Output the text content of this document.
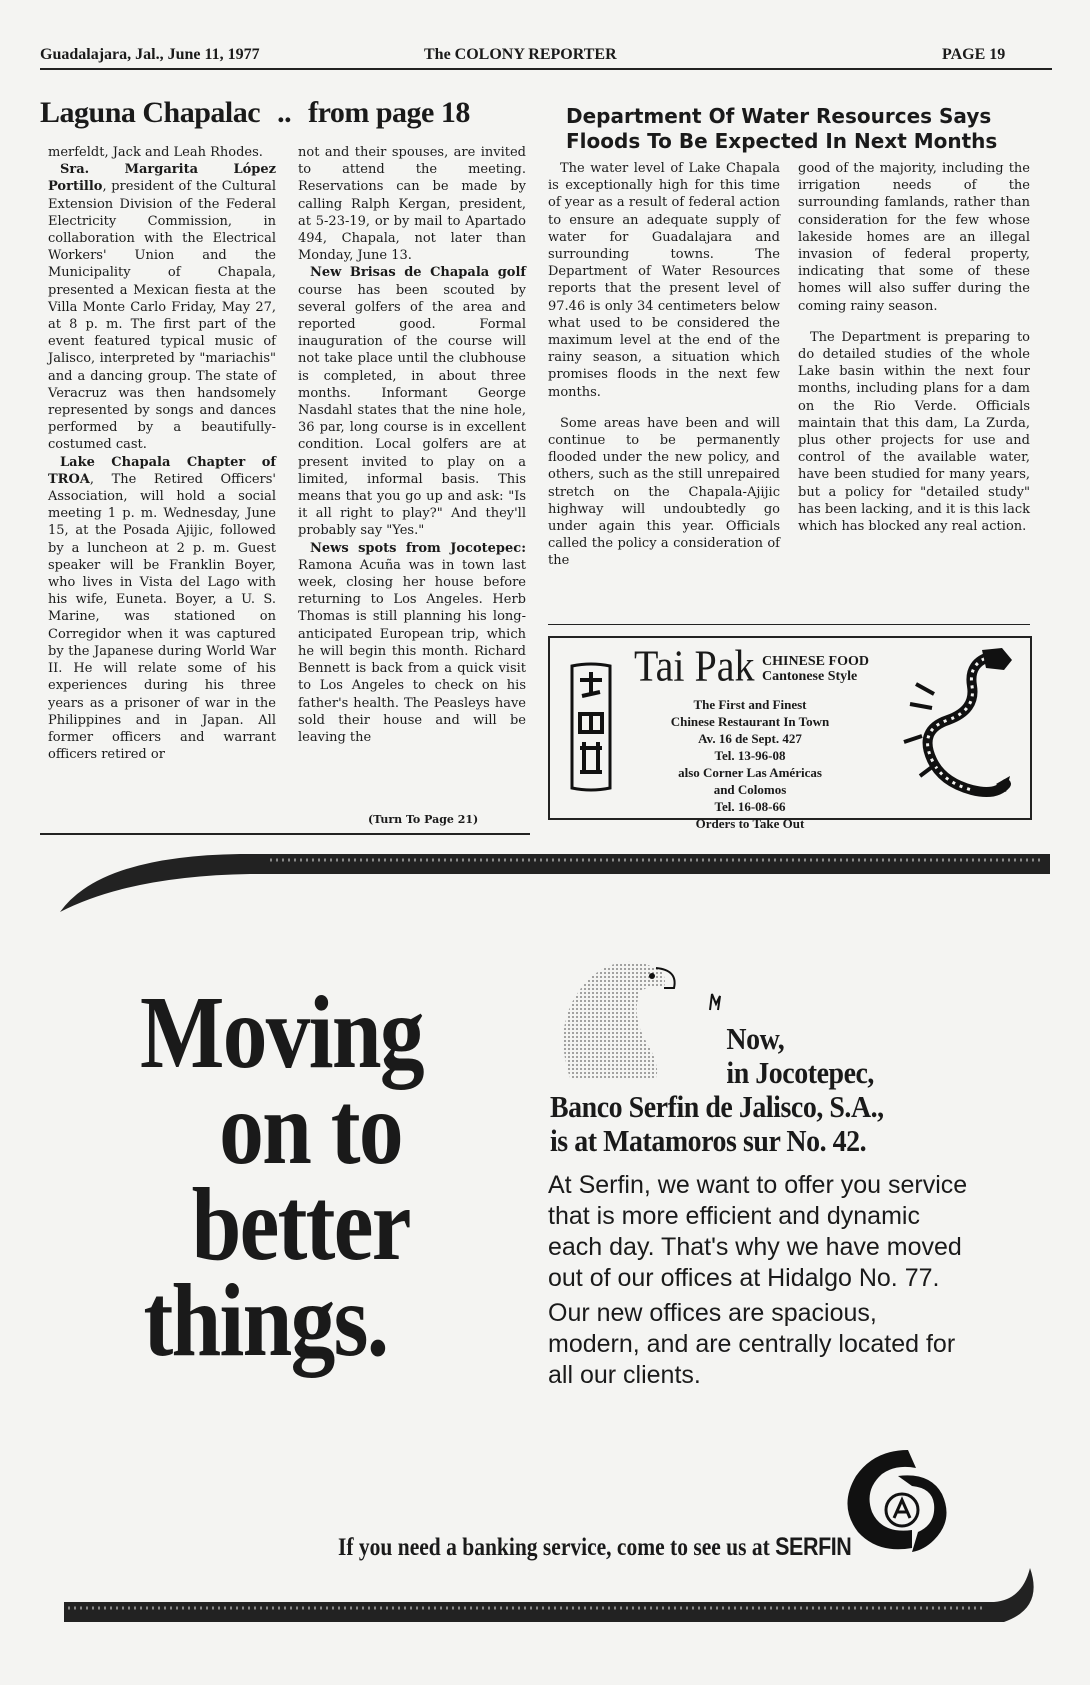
Guadalajara, Jal., June 11, 1977	The COLONY REPORTER	PAGE 19
Laguna Chapalac .. from page 18

merfeldt, Jack and Leah Rhodes.

Sra. Margarita López Portillo, president of the Cultural Extension Division of the Federal Electricity Commission, in collaboration with the Electrical Workers' Union and the Municipality of Chapala, presented a Mexican fiesta at the Villa Monte Carlo Friday, May 27, at 8 p. m. The first part of the event featured typical music of Jalisco, interpreted by "mariachis" and a dancing group. The state of Veracruz was then handsomely represented by songs and dances performed by a beautifully-costumed cast.

Lake Chapala Chapter of TROA, The Retired Officers' Association, will hold a social meeting 1 p. m. Wednesday, June 15, at the Posada Ajijic, followed by a luncheon at 2 p. m. Guest speaker will be Franklin Boyer, who lives in Vista del Lago with his wife, Euneta. Boyer, a U. S. Marine, was stationed on Corregidor when it was captured by the Japanese during World War II. He will relate some of his experiences during his three years as a prisoner of war in the Philippines and in Japan. All former officers and warrant officers retired or

not and their spouses, are invited to attend the meeting. Reservations can be made by calling Ralph Kergan, president, at 5-23-19, or by mail to Apartado 494, Chapala, not later than Monday, June 13.

New Brisas de Chapala golf course has been scouted by several golfers of the area and reported good. Formal inauguration of the course will not take place until the clubhouse is completed, in about three months. Informant George Nasdahl states that the nine hole, 36 par, long course is in excellent condition. Local golfers are at present invited to play on a limited, informal basis. This means that you go up and ask: "Is it all right to play?" And they'll probably say "Yes."

News spots from Jocotepec: Ramona Acuña was in town last week, closing her house before returning to Los Angeles. Herb Thomas is still planning his long-anticipated European trip, which he will begin this month. Richard Bennett is back from a quick visit to Los Angeles to check on his father's health. The Peasleys have sold their house and will be leaving the

(Turn To Page 21)
Department Of Water Resources Says
Floods To Be Expected In Next Months

The water level of Lake Chapala is exceptionally high for this time of year as a result of federal action to ensure an adequate supply of water for Guadalajara and surrounding towns. The Department of Water Resources reports that the present level of 97.46 is only 34 centimeters below what used to be considered the maximum level at the end of the rainy season, a situation which promises floods in the next few months.

Some areas have been and will continue to be permanently flooded under the new policy, and others, such as the still unrepaired stretch on the Chapala-Ajijic highway will undoubtedly go under again this year. Officials called the policy a consideration of the

good of the majority, including the irrigation needs of the surrounding famlands, rather than consideration for the few whose lakeside homes are an illegal invasion of federal property, indicating that some of these homes will also suffer during the coming rainy season.

The Department is preparing to do detailed studies of the whole Lake basin within the next four months, including plans for a dam on the Rio Verde. Officials maintain that this dam, La Zurda, plus other projects for use and control of the available water, have been studied for many years, but a policy for "detailed study" has been lacking, and it is this lack which has blocked any real action.

Tai Pak CHINESE FOOD
Cantonese Style
The First and Finest
Chinese Restaurant In Town
Av. 16 de Sept. 427
Tel. 13-96-08
also Corner Las Américas
and Colomos
Tel. 16-08-66
Orders to Take Out
Moving
on to
better
things.
Now,
in Jocotepec,
Banco Serfin de Jalisco, S.A.,
is at Matamoros sur No. 42.
At Serfin, we want to offer you service that is more efficient and dynamic each day. That's why we have moved out of our offices at Hidalgo No. 77.
Our new offices are spacious, modern, and are centrally located for all our clients.
If you need a banking service, come to see us at SERFIN
